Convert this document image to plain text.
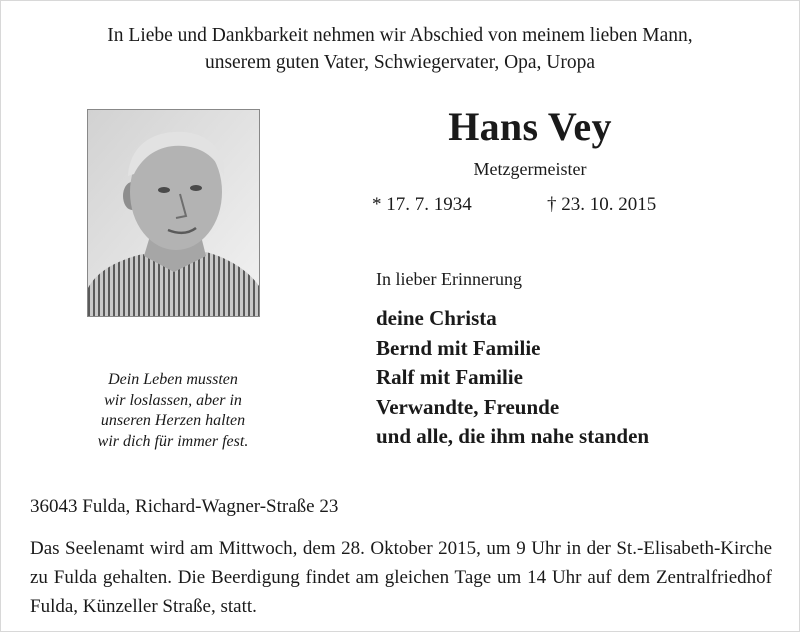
In Liebe und Dankbarkeit nehmen wir Abschied von meinem lieben Mann,
unserem guten Vater, Schwiegervater, Opa, Uropa
Dein Leben mussten
wir loslassen, aber in
unseren Herzen halten
wir dich für immer fest.
Hans Vey
Metzgermeister
* 17. 7. 1934	† 23. 10. 2015
In lieber Erinnerung
deine Christa
Bernd mit Familie
Ralf mit Familie
Verwandte, Freunde
und alle, die ihm nahe standen
36043 Fulda, Richard-Wagner-Straße 23
Das Seelenamt wird am Mittwoch, dem 28. Oktober 2015, um 9 Uhr in der St.-Elisabeth-Kirche zu Fulda gehalten. Die Beerdigung findet am gleichen Tage um 14 Uhr auf dem Zentralfriedhof Fulda, Künzeller Straße, statt.
